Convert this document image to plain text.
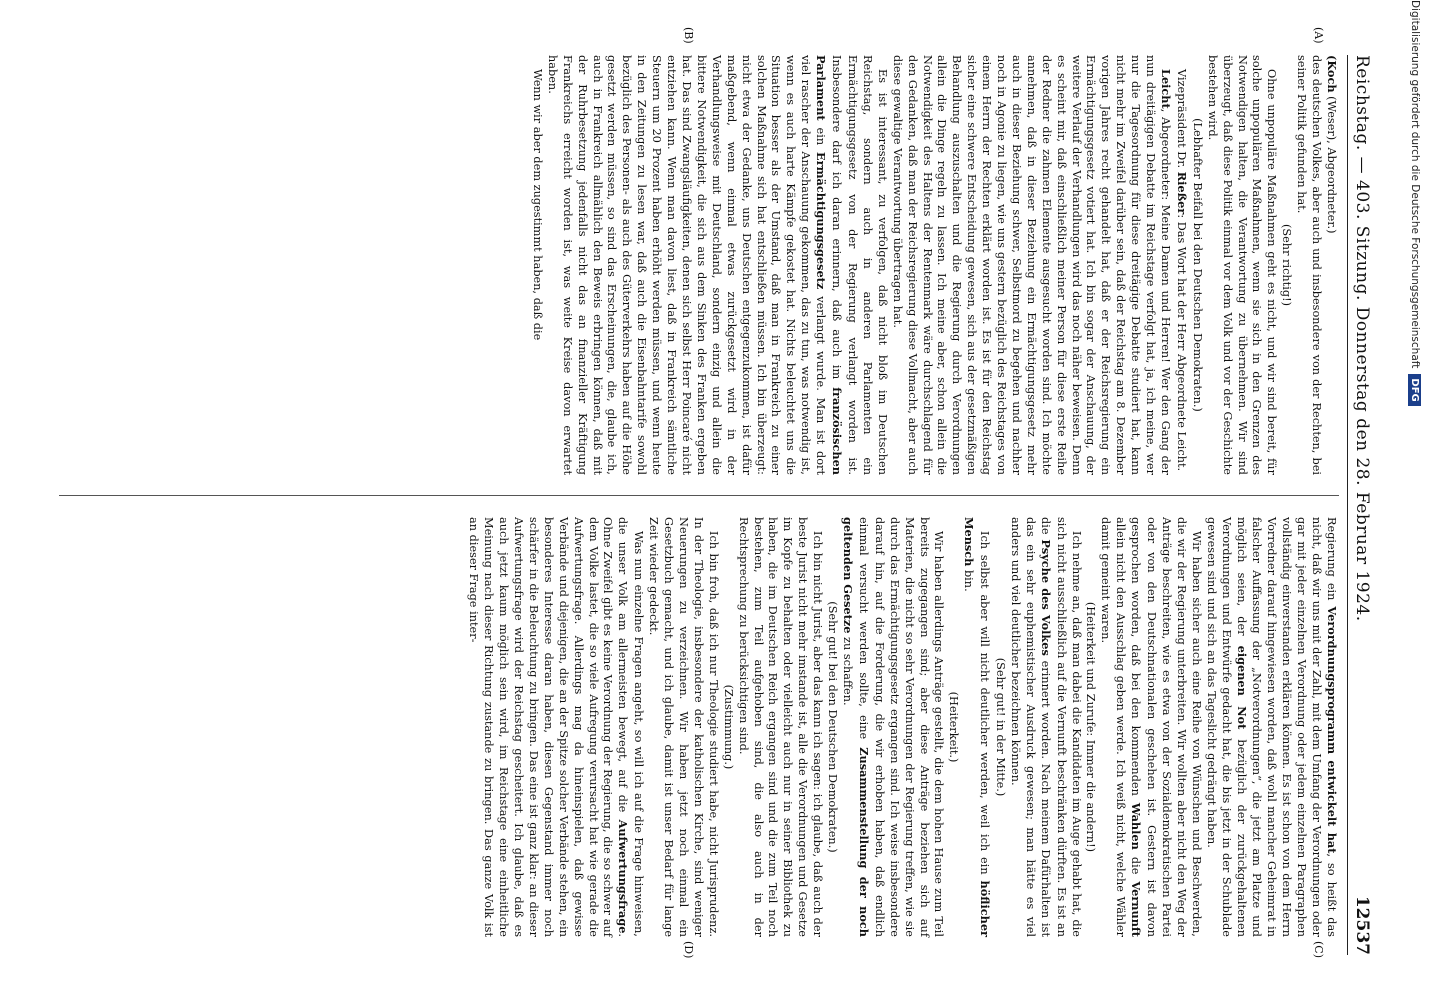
Reichstag. — 403. Sitzung. Donnerstag den 28. Februar 1924.
12537

(Koch (Weser), Abgeordneter.)

des deutschen Volkes, aber auch und insbesondere von der Rechten, bei seiner Politik gefunden hat.

(Sehr richtig!)

Ohne unpopuläre Maßnahmen geht es nicht, und wir sind bereit, für solche unpopulären Maßnahmen, wenn sie sich in den Grenzen des Notwendigen halten, die Verantwortung zu übernehmen. Wir sind überzeugt, daß diese Politik einmal vor dem Volk und vor der Geschichte bestehen wird.

(Lebhafter Beifall bei den Deutschen Demokraten.)

Vizepräsident Dr. Rießer: Das Wort hat der Herr Abgeordnete Leicht.

Leicht, Abgeordneter: Meine Damen und Herren! Wer den Gang der nun dreitägigen Debatte im Reichstage verfolgt hat, ja, ich meine, wer nur die Tagesordnung für diese dreitägige Debatte studiert hat, kann nicht mehr im Zweifel darüber sein, daß der Reichstag am 8. Dezember vorigen Jahres recht gehandelt hat, daß er der Reichsregierung ein Ermächtigungsgesetz votiert hat. Ich bin sogar der Anschauung, der weitere Verlauf der Verhandlungen wird das noch näher beweisen. Denn es scheint mir, daß einschließlich meiner Person für diese erste Reihe der Redner die zahmen Elemente ausgesucht worden sind. Ich möchte annehmen, daß in dieser Beziehung ein Ermächtigungsgesetz mehr auch in dieser Beziehung schwer, Selbstmord zu begehen und nachher noch in Agonie zu liegen, wie uns gestern bezüglich des Reichstages von einem Herrn der Rechten erklärt worden ist. Es ist für den Reichstag sicher eine schwere Entscheidung gewesen, sich aus der gesetzmäßigen Behandlung auszuschalten und die Regierung durch Verordnungen allein die Dinge regeln zu lassen. Ich meine aber, schon allein die Notwendigkeit des Haltens der Rentenmark wäre durchschlagend für den Gedanken, daß man der Reichsregierung diese Vollmacht, aber auch diese gewaltige Verantwortung übertragen hat.

Es ist interessant, zu verfolgen, daß nicht bloß im Deutschen Reichstag, sondern auch in anderen Parlamenten ein Ermächtigungsgesetz von der Regierung verlangt worden ist. Insbesondere darf ich daran erinnern, daß auch im französischen Parlament ein Ermächtigungsgesetz verlangt wurde. Man ist dort viel rascher der Anschauung gekommen, das zu tun, was notwendig ist, wenn es auch harte Kämpfe gekostet hat. Nichts beleuchtet uns die Situation besser als der Umstand, daß man in Frankreich zu einer solchen Maßnahme sich hat entschließen müssen. Ich bin überzeugt: nicht etwa der Gedanke, uns Deutschen entgegenzukommen, ist dafür maßgebend, wenn einmal etwas zurückgesetzt wird in der Verhandlungsweise mit Deutschland, sondern einzig und allein die bittere Notwendigkeit, die sich aus dem Sinken des Franken ergeben hat. Das sind Zwangsläufigkeiten, denen sich selbst Herr Poincaré nicht entziehen kann. Wenn man davon liest, daß in Frankreich sämtliche Steuern um 20 Prozent haben erhöht werden müssen, und wenn heute in den Zeitungen zu lesen war, daß auch die Eisenbahntarife sowohl bezüglich des Personen- als auch des Güterverkehrs haben auf die Höhe gesetzt werden müssen, so sind das Erscheinungen, die, glaube ich, auch in Frankreich allmählich den Beweis erbringen können, daß mit der Ruhrbesetzung jedenfalls nicht das an finanzieller Kräftigung Frankreichs erreicht worden ist, was weite Kreise davon erwartet haben.

Wenn wir aber dem zugestimmt haben, daß die

Regierung ein Verordnungsprogramm entwickelt hat, so heißt das nicht, daß wir uns mit der Zahl, mit dem Umfang der Verordnungen oder gar mit jeder einzelnen Verordnung oder jedem einzelnen Paragraphen vollständig einverstanden erklären können. Es ist schon von dem Herrn Vorredner darauf hingewiesen worden, daß wohl mancher Geheimrat in falscher Auffassung der „Notverordnungen“, die jetzt am Platze und möglich seien, der eigenen Not bezüglich der zurückgehaltenen Verordnungen und Entwürfe gedacht hat, die bis jetzt in der Schublade gewesen sind und sich an das Tageslicht gedrängt haben.

Wir haben sicher auch eine Reihe von Wünschen und Beschwerden, die wir der Regierung unterbreiten. Wir wollten aber nicht den Weg der Anträge beschreiten, wie es etwa von der Sozialdemokratischen Partei oder von den Deutschnationalen geschehen ist. Gestern ist davon gesprochen worden, daß bei den kommenden Wahlen die Vernunft allein nicht den Ausschlag geben werde. Ich weiß nicht, welche Wähler damit gemeint waren.

(Heiterkeit und Zurufe: Immer die andern!)

Ich nehme an, daß man dabei die Kandidaten im Auge gehabt hat, die sich nicht ausschließlich auf die Vernunft beschränken dürften. Es ist an die Psyche des Volkes erinnert worden. Nach meinem Dafürhalten ist das ein sehr euphemistischer Ausdruck gewesen; man hätte es viel anders und viel deutlicher bezeichnen können.

(Sehr gut! in der Mitte.)

Ich selbst aber will nicht deutlicher werden, weil ich ein höflicher Mensch bin.

(Heiterkeit.)

Wir haben allerdings Anträge gestellt, die dem hohen Hause zum Teil bereits zugegangen sind; aber diese Anträge beziehen sich auf Materien, die nicht so sehr Verordnungen der Regierung treffen, wie sie durch das Ermächtigungsgesetz ergangen sind. Ich weise insbesondere darauf hin, auf die Forderung, die wir erhoben haben, daß endlich einmal versucht werden sollte, eine Zusammenstellung der noch geltenden Gesetze zu schaffen.

(Sehr gut! bei den Deutschen Demokraten.)

Ich bin nicht Jurist, aber das kann ich sagen: ich glaube, daß auch der beste Jurist nicht mehr imstande ist, alle die Verordnungen und Gesetze im Kopfe zu behalten oder vielleicht auch nur in seiner Bibliothek zu haben, die im Deutschen Reich ergangen sind und die zum Teil noch bestehen, zum Teil aufgehoben sind, die also auch in der Rechtsprechung zu berücksichtigen sind.

(Zustimmung.)

Ich bin froh, daß ich nur Theologie studiert habe, nicht Jurisprudenz. In der Theologie, insbesondere der katholischen Kirche, sind weniger Neuerungen zu verzeichnen. Wir haben jetzt noch einmal ein Gesetzbuch gemacht, und ich glaube, damit ist unser Bedarf für lange Zeit wieder gedeckt.

Was nun einzelne Fragen angeht, so will ich auf die Frage hinweisen, die unser Volk am allermeisten bewegt, auf die Aufwertungsfrage. Ohne Zweifel gibt es keine Verordnung der Regierung, die so schwer auf dem Volke lastet, die so viele Aufregung verursacht hat wie gerade die Aufwertungsfrage. Allerdings mag da hineinspielen, daß gewisse Verbände und diejenigen, die an der Spitze solcher Verbände stehen, ein besonderes Interesse daran haben, diesen Gegenstand immer noch schärfer in die Beleuchtung zu bringen. Das eine ist ganz klar: an dieser Aufwertungsfrage wird der Reichstag gescheitert. Ich glaube, daß es auch jetzt kaum möglich sein wird, im Reichstage eine einheitliche Meinung nach dieser Richtung zustande zu bringen. Das ganze Volk ist an dieser Frage inter-

(A)
(B)
(C)
(D)
Digitalisierung gefördert durch die Deutsche Forschungsgemeinschaft
DFG
